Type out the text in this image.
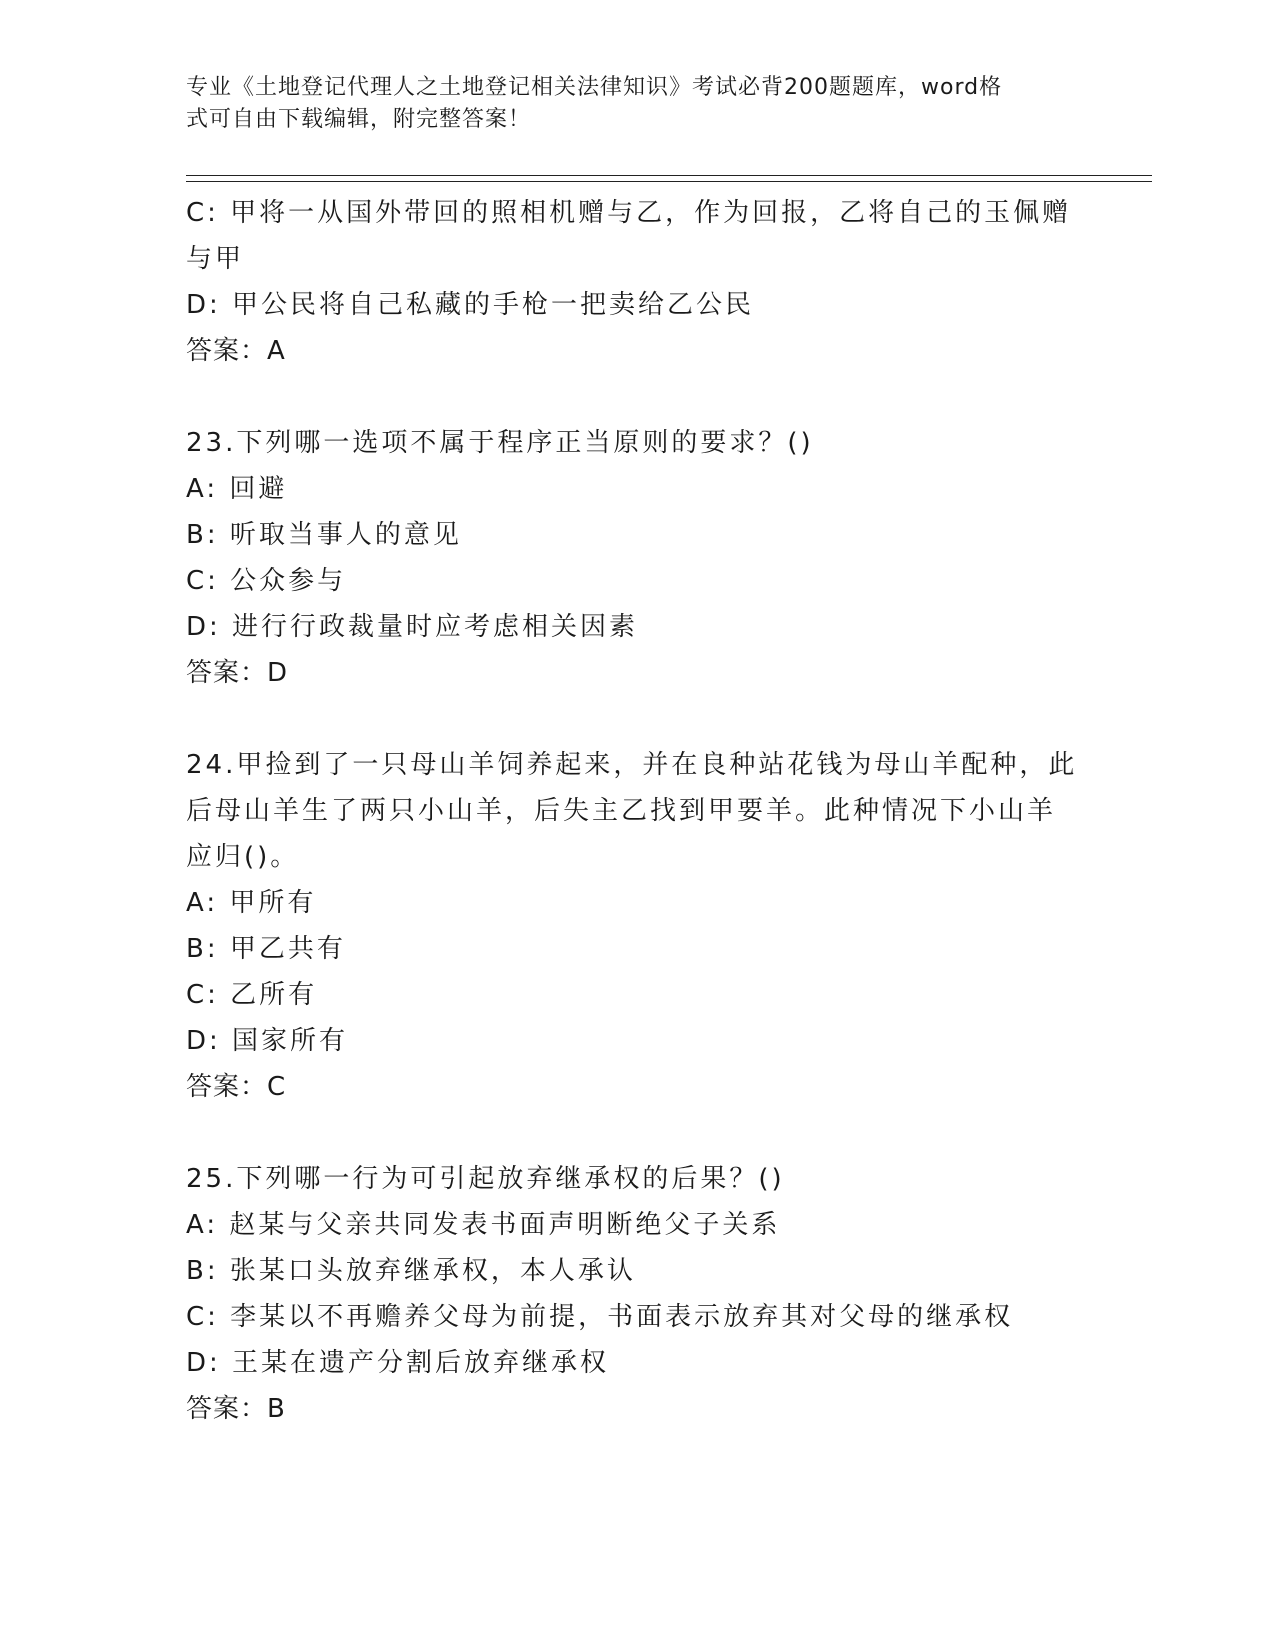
专业《土地登记代理人之土地登记相关法律知识》考试必背200题题库，word格
式可自由下载编辑，附完整答案！
C: 甲将一从国外带回的照相机赠与乙，作为回报，乙将自己的玉佩赠
与甲
D: 甲公民将自己私藏的手枪一把卖给乙公民
答案：A
23.下列哪一选项不属于程序正当原则的要求？()
A: 回避
B: 听取当事人的意见
C: 公众参与
D: 进行行政裁量时应考虑相关因素
答案：D
24.甲捡到了一只母山羊饲养起来，并在良种站花钱为母山羊配种，此
后母山羊生了两只小山羊，后失主乙找到甲要羊。此种情况下小山羊
应归()。
A: 甲所有
B: 甲乙共有
C: 乙所有
D: 国家所有
答案：C
25.下列哪一行为可引起放弃继承权的后果？()
A: 赵某与父亲共同发表书面声明断绝父子关系
B: 张某口头放弃继承权，本人承认
C: 李某以不再赡养父母为前提，书面表示放弃其对父母的继承权
D: 王某在遗产分割后放弃继承权
答案：B
